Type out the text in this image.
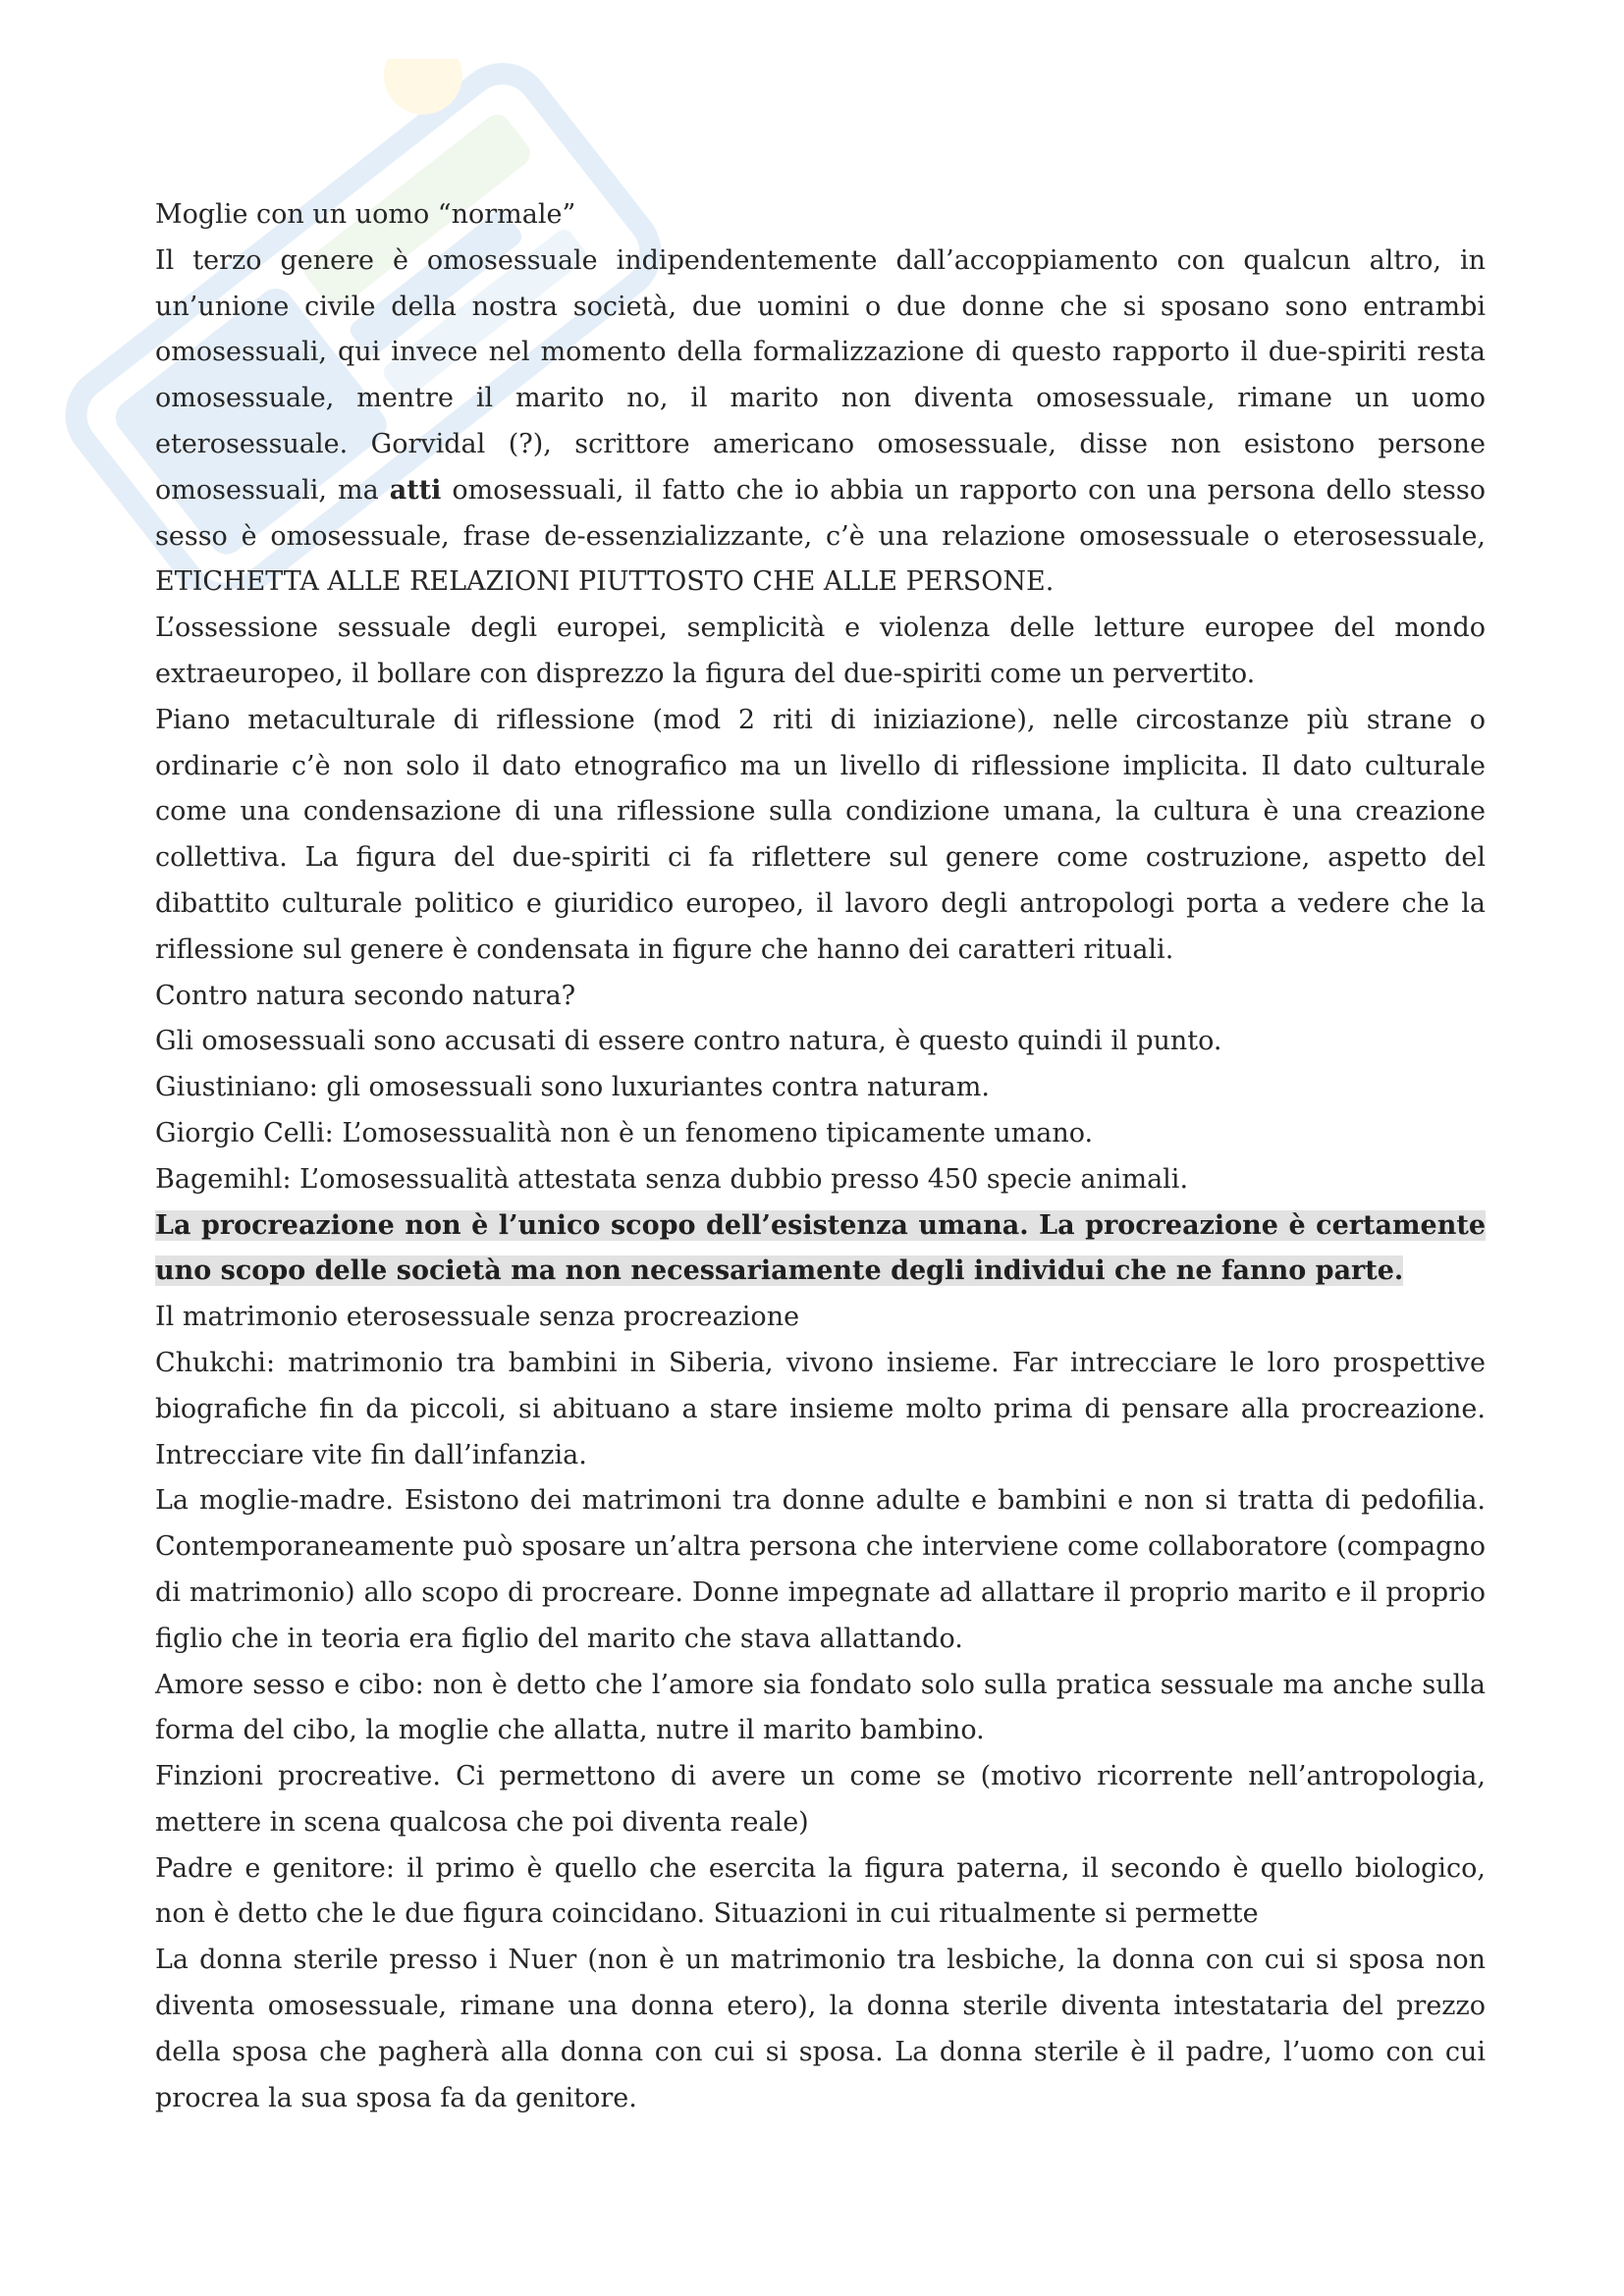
Moglie con un uomo “normale”

Il terzo genere è omosessuale indipendentemente dall’accoppiamento con qualcun altro, in un’unione civile della nostra società, due uomini o due donne che si sposano sono entrambi omosessuali, qui invece nel momento della formalizzazione di questo rapporto il due-spiriti resta omosessuale, mentre il marito no, il marito non diventa omosessuale, rimane un uomo eterosessuale. Gorvidal (?), scrittore americano omosessuale, disse non esistono persone omosessuali, ma atti omosessuali, il fatto che io abbia un rapporto con una persona dello stesso sesso è omosessuale, frase de-essenzializzante, c’è una relazione omosessuale o eterosessuale, ETICHETTA ALLE RELAZIONI PIUTTOSTO CHE ALLE PERSONE.

L’ossessione sessuale degli europei, semplicità e violenza delle letture europee del mondo extraeuropeo, il bollare con disprezzo la figura del due-spiriti come un pervertito.

Piano metaculturale di riflessione (mod 2 riti di iniziazione), nelle circostanze più strane o ordinarie c’è non solo il dato etnografico ma un livello di riflessione implicita. Il dato culturale come una condensazione di una riflessione sulla condizione umana, la cultura è una creazione collettiva. La figura del due-spiriti ci fa riflettere sul genere come costruzione, aspetto del dibattito culturale politico e giuridico europeo, il lavoro degli antropologi porta a vedere che la riflessione sul genere è condensata in figure che hanno dei caratteri rituali.

Contro natura secondo natura?

Gli omosessuali sono accusati di essere contro natura, è questo quindi il punto.

Giustiniano: gli omosessuali sono luxuriantes contra naturam.

Giorgio Celli: L’omosessualità non è un fenomeno tipicamente umano.

Bagemihl: L’omosessualità attestata senza dubbio presso 450 specie animali.

La procreazione non è l’unico scopo dell’esistenza umana. La procreazione è certamente uno scopo delle società ma non necessariamente degli individui che ne fanno parte.

Il matrimonio eterosessuale senza procreazione

Chukchi: matrimonio tra bambini in Siberia, vivono insieme. Far intrecciare le loro prospettive biografiche fin da piccoli, si abituano a stare insieme molto prima di pensare alla procreazione. Intrecciare vite fin dall’infanzia.

La moglie-madre. Esistono dei matrimoni tra donne adulte e bambini e non si tratta di pedofilia. Contemporaneamente può sposare un’altra persona che interviene come collaboratore (compagno di matrimonio) allo scopo di procreare. Donne impegnate ad allattare il proprio marito e il proprio figlio che in teoria era figlio del marito che stava allattando.

Amore sesso e cibo: non è detto che l’amore sia fondato solo sulla pratica sessuale ma anche sulla forma del cibo, la moglie che allatta, nutre il marito bambino.

Finzioni procreative. Ci permettono di avere un come se (motivo ricorrente nell’antropologia, mettere in scena qualcosa che poi diventa reale)

Padre e genitore: il primo è quello che esercita la figura paterna, il secondo è quello biologico, non è detto che le due figura coincidano. Situazioni in cui ritualmente si permette

La donna sterile presso i Nuer (non è un matrimonio tra lesbiche, la donna con cui si sposa non diventa omosessuale, rimane una donna etero), la donna sterile diventa intestataria del prezzo della sposa che pagherà alla donna con cui si sposa. La donna sterile è il padre, l’uomo con cui procrea la sua sposa fa da genitore.
